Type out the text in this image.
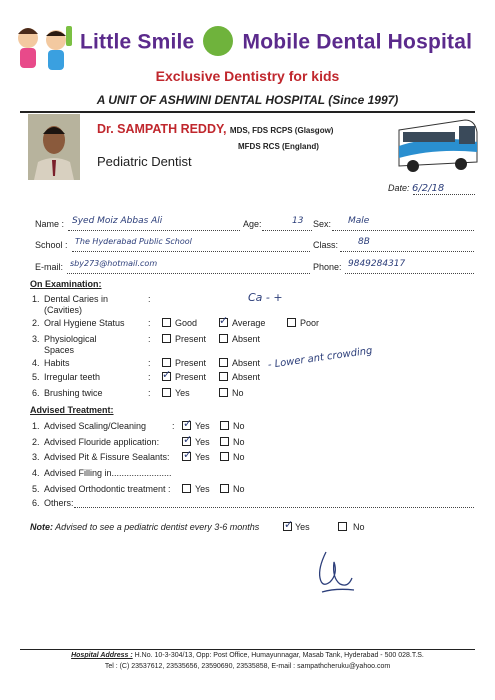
Little Smile Mobile Dental Hospital
Exclusive Dentistry for kids
A UNIT OF ASHWINI DENTAL HOSPITAL (Since 1997)
Dr. SAMPATH REDDY, MDS, FDS RCPS (Glasgow)
MFDS RCS (England)
Pediatric Dentist
Date: 6/2/18
Name : Syed Moiz Abbas Ali	Age:	13 Sex: Male
School : The Hyderabad Public School	Class: 8B
E-mail: sby273@hotmail.com	Phone: 9849284317
On Examination:
1. Dental Caries in
(Cavities)
:	Ca - +
2. Oral Hygiene Status	:	Good ✓ Average	Poor
3. Physiological
Spaces
:	Present	Absent
4. Habits	:	Present	Absent
5. Irregular teeth	: ✓ Present	Absent
- Lower ant crowding
6. Brushing twice	:	Yes	No
Advised Treatment:
1. Advised Scaling/Cleaning	: ✓ Yes	No
2. Advised Flouride application: ✓ Yes	No
3. Advised Pit & Fissure Sealants: ✓ Yes	No
4. Advised Filling in........................
5. Advised Orthodontic treatment :	Yes	No
6. Others:
Note: Advised to see a pediatric dentist every 3-6 months ✓ Yes	No
Hospital Address : H.No. 10-3-304/13, Opp: Post Office, Humayunnagar, Masab Tank, Hyderabad - 500 028.T.S.
Tel : (C) 23537612, 23535656, 23590690, 23535858, E-mail : sampathcheruku@yahoo.com
